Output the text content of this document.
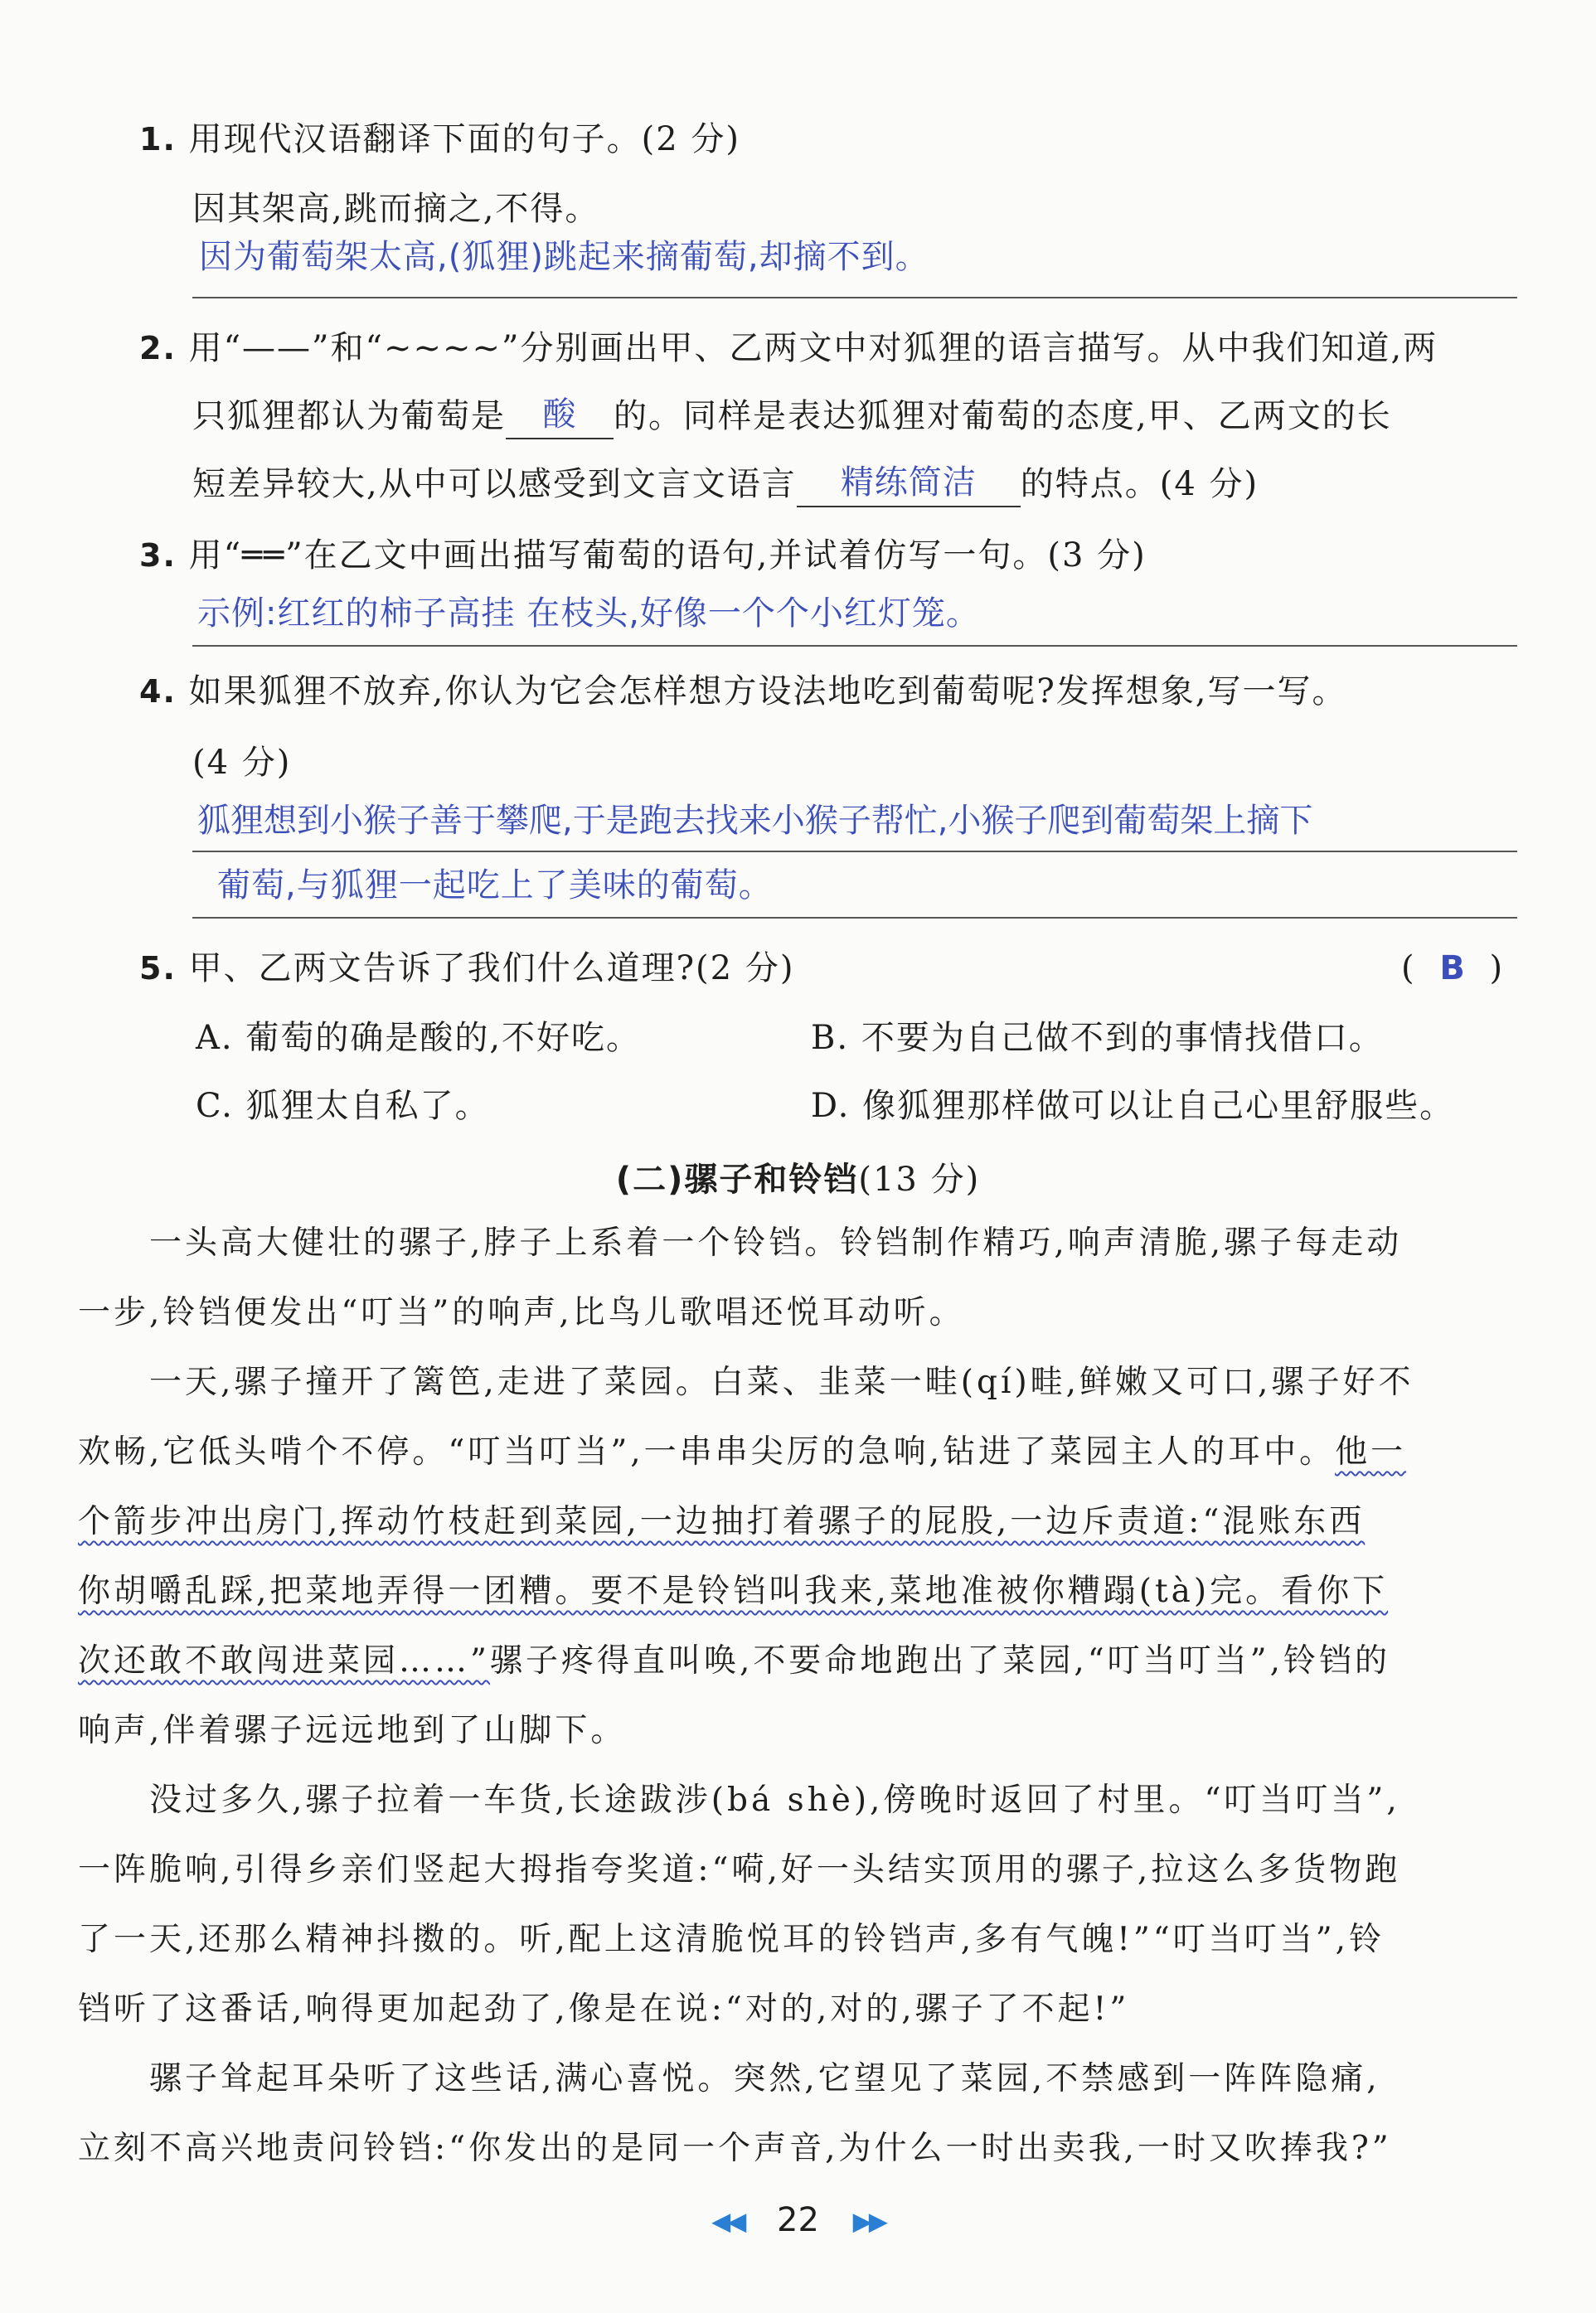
1. 用现代汉语翻译下面的句子。(2 分)
因其架高,跳而摘之,不得。
因为葡萄架太高,(狐狸)跳起来摘葡萄,却摘不到。
2. 用“——”和“~~~~”分别画出甲、乙两文中对狐狸的语言描写。从中我们知道,两
只狐狸都认为葡萄是	酸	的。同样是表达狐狸对葡萄的态度,甲、乙两文的长
短差异较大,从中可以感受到文言文语言	精练简洁	的特点。(4 分)
3. 用“══”在乙文中画出描写葡萄的语句,并试着仿写一句。(3 分)
示例:红红的柿子高挂 在枝头,好像一个个小红灯笼。
4. 如果狐狸不放弃,你认为它会怎样想方设法地吃到葡萄呢?发挥想象,写一写。
(4 分)
狐狸想到小猴子善于攀爬,于是跑去找来小猴子帮忙,小猴子爬到葡萄架上摘下
葡萄,与狐狸一起吃上了美味的葡萄。
5. 甲、乙两文告诉了我们什么道理?(2 分)	( B )
A. 葡萄的确是酸的,不好吃。	B. 不要为自己做不到的事情找借口。
C. 狐狸太自私了。	D. 像狐狸那样做可以让自己心里舒服些。
(二)骡子和铃铛(13 分)
一头高大健壮的骡子,脖子上系着一个铃铛。铃铛制作精巧,响声清脆,骡子每走动
一步,铃铛便发出“叮当”的响声,比鸟儿歌唱还悦耳动听。
一天,骡子撞开了篱笆,走进了菜园。白菜、韭菜一畦(qí)畦,鲜嫩又可口,骡子好不
欢畅,它低头啃个不停。“叮当叮当”,一串串尖厉的急响,钻进了菜园主人的耳中。他一
个箭步冲出房门,挥动竹枝赶到菜园,一边抽打着骡子的屁股,一边斥责道:“混账东西
你胡嚼乱踩,把菜地弄得一团糟。要不是铃铛叫我来,菜地准被你糟蹋(tà)完。看你下
次还敢不敢闯进菜园……”骡子疼得直叫唤,不要命地跑出了菜园,“叮当叮当”,铃铛的
响声,伴着骡子远远地到了山脚下。
没过多久,骡子拉着一车货,长途跋涉(bá shè),傍晚时返回了村里。“叮当叮当”,
一阵脆响,引得乡亲们竖起大拇指夸奖道:“嗬,好一头结实顶用的骡子,拉这么多货物跑
了一天,还那么精神抖擞的。听,配上这清脆悦耳的铃铛声,多有气魄!”“叮当叮当”,铃
铛听了这番话,响得更加起劲了,像是在说:“对的,对的,骡子了不起!”
骡子耸起耳朵听了这些话,满心喜悦。突然,它望见了菜园,不禁感到一阵阵隐痛,
立刻不高兴地责问铃铛:“你发出的是同一个声音,为什么一时出卖我,一时又吹捧我?”
◀◀ 22 ▶▶
